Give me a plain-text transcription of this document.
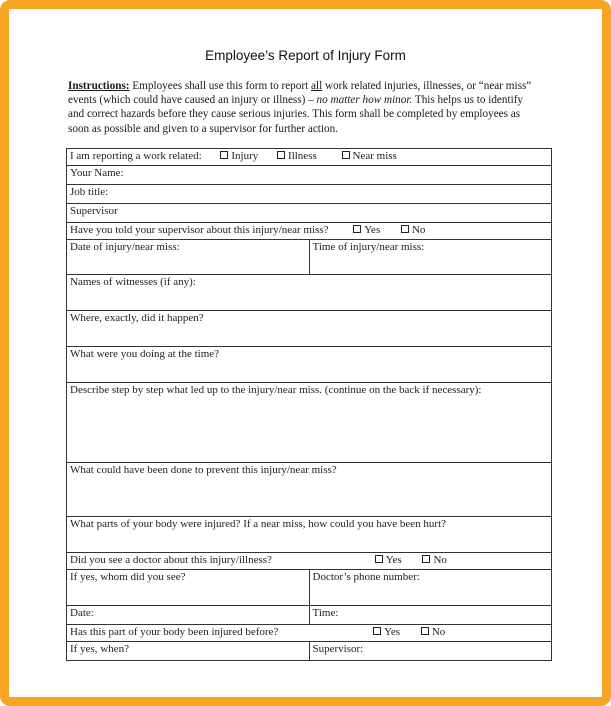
Employee’s Report of Injury Form
Instructions: Employees shall use this form to report all work related injuries, illnesses, or “near miss” events (which could have caused an injury or illness) – no matter how minor. This helps us to identify and correct hazards before they cause serious injuries. This form shall be completed by employees as soon as possible and given to a supervisor for further action.
I am reporting a work related: Injury Illness Near miss	
Your Name:	
Job title:	
Supervisor	
Have you told your supervisor about this injury/near miss? Yes No	
Date of injury/near miss:	Time of injury/near miss:
Names of witnesses (if any):	
Where, exactly, did it happen?	
What were you doing at the time?	
Describe step by step what led up to the injury/near miss. (continue on the back if necessary):	
What could have been done to prevent this injury/near miss?	
What parts of your body were injured? If a near miss, how could you have been hurt?	
Did you see a doctor about this injury/illness? Yes No	
If yes, whom did you see?	Doctor’s phone number:
Date:	Time:
Has this part of your body been injured before? Yes No	
If yes, when?	Supervisor:
